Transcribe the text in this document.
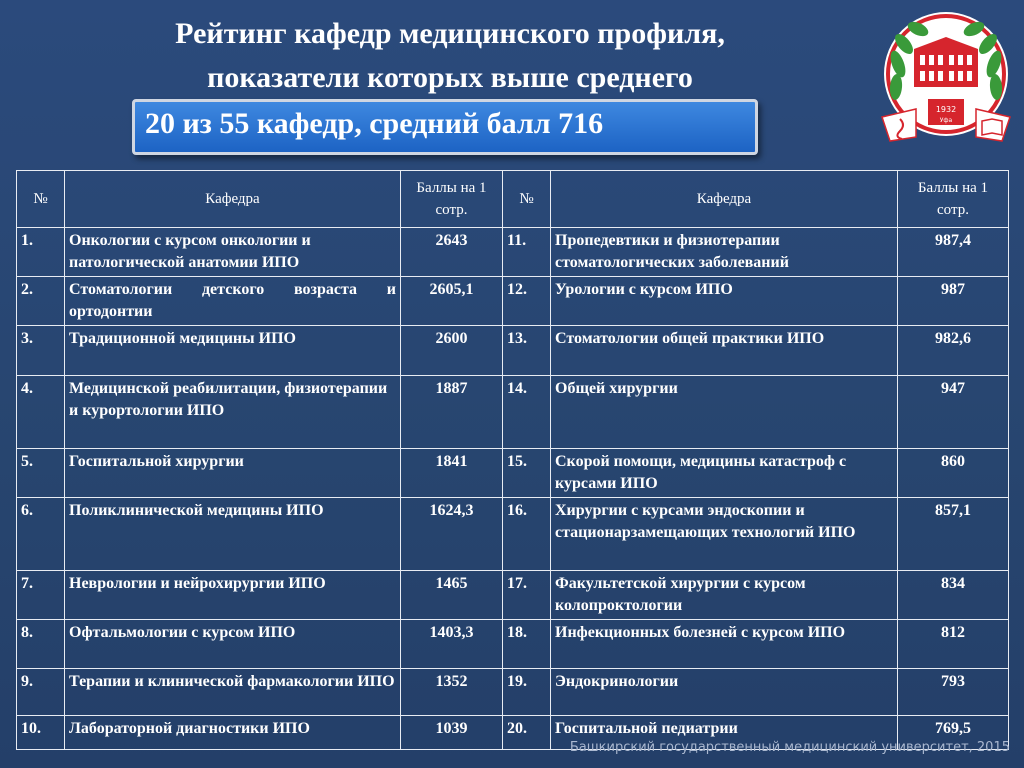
Рейтинг кафедр медицинского профиля,
показатели которых выше среднего
20 из 55 кафедр, средний балл 716	1932
Уфа
№	Кафедра	Баллы на 1 сотр.	№	Кафедра	Баллы на 1 сотр.
1.	Онкологии с курсом онкологии и патологической анатомии ИПО	2643	11.	Пропедевтики и физиотерапии стоматологических заболеваний	987,4
2.	Стоматологии детского возраста и ортодонтии	2605,1	12.	Урологии с курсом ИПО	987
3.	Традиционной медицины ИПО	2600	13.	Стоматологии общей практики ИПО	982,6
4.	Медицинской реабилитации, физиотерапии и курортологии ИПО	1887	14.	Общей хирургии	947
5.	Госпитальной хирургии	1841	15.	Скорой помощи, медицины катастроф с курсами ИПО	860
6.	Поликлинической медицины ИПО	1624,3	16.	Хирургии с курсами эндоскопии и стационарзамещающих технологий ИПО	857,1
7.	Неврологии и нейрохирургии ИПО	1465	17.	Факультетской хирургии с курсом колопроктологии	834
8.	Офтальмологии с курсом ИПО	1403,3	18.	Инфекционных болезней с курсом ИПО	812
9.	Терапии и клинической фармакологии ИПО	1352	19.	Эндокринологии	793
10.	Лабораторной диагностики ИПО	1039	20.	Госпитальной педиатрии	769,5
Башкирский государственный медицинский университет, 2015
